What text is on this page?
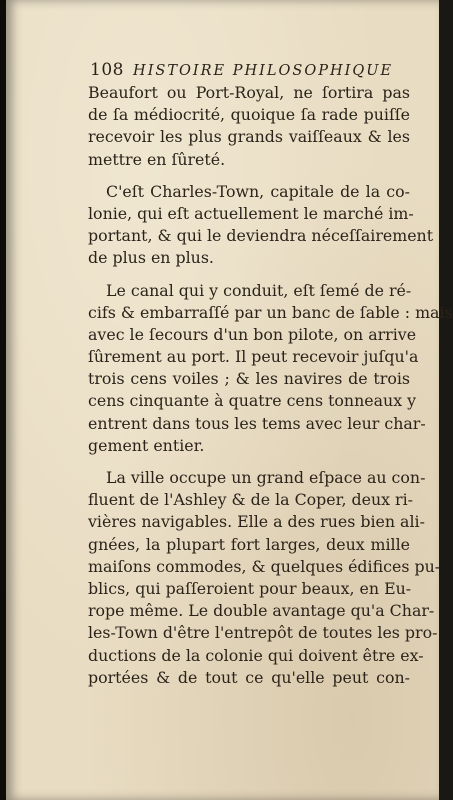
108 HISTOIRE PHILOSOPHIQUE
Beaufort ou Port-Royal, ne ſortira pas
de ſa médiocrité, quoique ſa rade puiſſe
recevoir les plus grands vaiſſeaux & les
mettre en ſûreté.
C'eſt Charles-Town, capitale de la co-
lonie, qui eſt actuellement le marché im-
portant, & qui le deviendra néceſſairement
de plus en plus.
Le canal qui y conduit, eſt ſemé de ré-
cifs & embarraſſé par un banc de ſable : mais
avec le ſecours d'un bon pilote, on arrive
ſûrement au port. Il peut recevoir juſqu'a
trois cens voiles ; & les navires de trois
cens cinquante à quatre cens tonneaux y
entrent dans tous les tems avec leur char-
gement entier.
La ville occupe un grand eſpace au con-
fluent de l'Ashley & de la Coper, deux ri-
vières navigables. Elle a des rues bien ali-
gnées, la plupart fort larges, deux mille
maiſons commodes, & quelques édifices pu-
blics, qui paſſeroient pour beaux, en Eu-
rope même. Le double avantage qu'a Char-
les-Town d'être l'entrepôt de toutes les pro-
ductions de la colonie qui doivent être ex-
portées & de tout ce qu'elle peut con-
